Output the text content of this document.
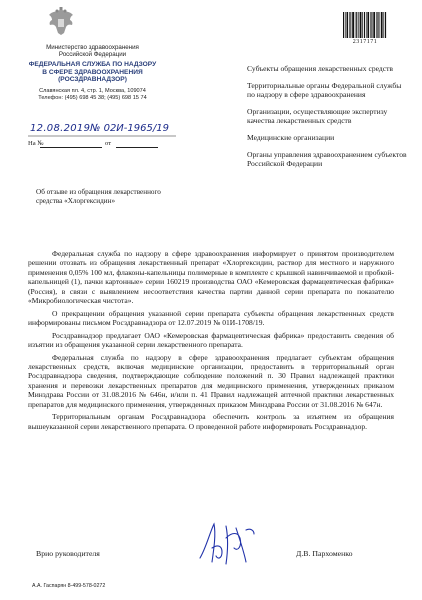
2317171
Министерство здравоохранения
Российской Федерации
ФЕДЕРАЛЬНАЯ СЛУЖБА ПО НАДЗОРУ
В СФЕРЕ ЗДРАВООХРАНЕНИЯ
(РОСЗДРАВНАДЗОР)
Славянская пл. 4, стр. 1, Москва, 109074
Телефон: (495) 698 45 38; (495) 698 15 74
12.08.2019 № 02И-1965/19
На №	от

Субъекты обращения лекарственных средств

Территориальные органы Федеральной службы по надзору в сфере здравоохранения

Организации, осуществляющие экспертизу качества лекарственных средств

Медицинские организации

Органы управления здравоохранением субъектов Российской Федерации

Об отзыве из обращения лекарственного средства «Хлоргексидин»

Федеральная служба по надзору в сфере здравоохранения информирует о принятом производителем решении отозвать из обращения лекарственный препарат «Хлоргексидин, раствор для местного и наружного применения 0,05% 100 мл, флаконы-капельницы полимерные в комплекте с крышкой навинчиваемой и пробкой-капельницей (1), пачки картонные» серии 160219 производства ОАО «Кемеровская фармацевтическая фабрика» (Россия), в связи с выявлением несоответствия качества партии данной серии препарата по показателю «Микробиологическая чистота».

О прекращении обращения указанной серии препарата субъекты обращения лекарственных средств информированы письмом Росздравнадзора от 12.07.2019 № 01И-1708/19.

Росздравнадзор предлагает ОАО «Кемеровская фармацевтическая фабрика» предоставить сведения об изъятии из обращения указанной серии лекарственного препарата.

Федеральная служба по надзору в сфере здравоохранения предлагает субъектам обращения лекарственных средств, включая медицинские организации, предоставить в территориальный орган Росздравнадзора сведения, подтверждающие соблюдение положений п. 30 Правил надлежащей практики хранения и перевозки лекарственных препаратов для медицинского применения, утвержденных приказом Минздрава России от 31.08.2016 № 646н, и/или п. 41 Правил надлежащей аптечной практики лекарственных препаратов для медицинского применения, утвержденных приказом Минздрава России от 31.08.2016 № 647н.

Территориальным органам Росздравнадзора обеспечить контроль за изъятием из обращения вышеуказанной серии лекарственного препарата. О проведенной работе информировать Росздравнадзор.

Врио руководителя	Д.В. Пархоменко
А.А. Гаспарян 8-499-578-0272
